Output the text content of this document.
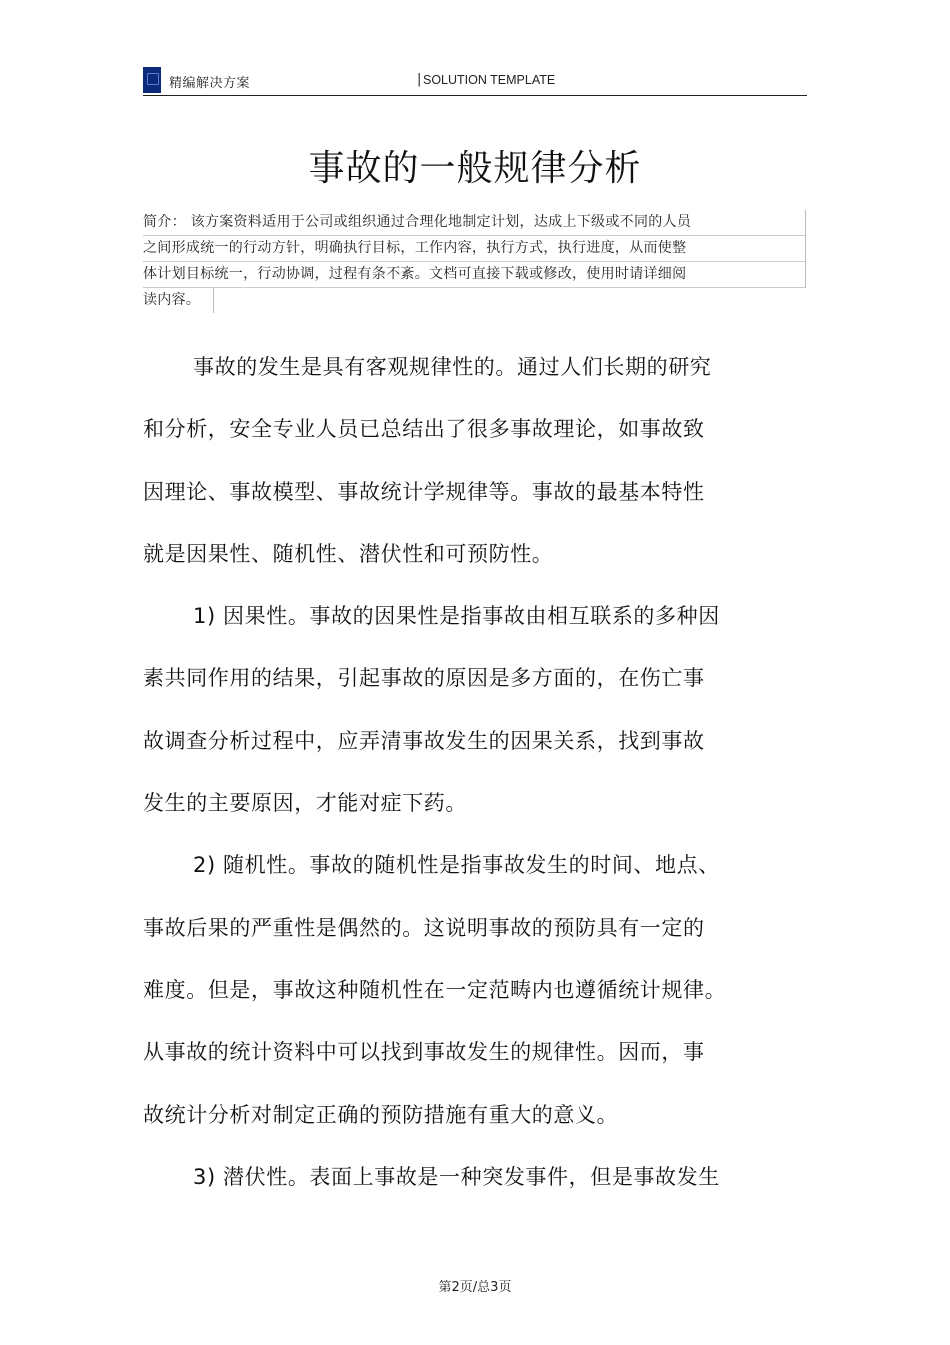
精编解决方案	| SOLUTION TEMPLATE
事故的一般规律分析
简介： 该方案资料适用于公司或组织通过合理化地制定计划，达成上下级或不同的人员
之间形成统一的行动方针，明确执行目标，工作内容，执行方式，执行进度，从而使整
体计划目标统一，行动协调，过程有条不紊。文档可直接下载或修改，使用时请详细阅
读内容。
事故的发生是具有客观规律性的。通过人们长期的研究
和分析，安全专业人员已总结出了很多事故理论，如事故致
因理论、事故模型、事故统计学规律等。事故的最基本特性
就是因果性、随机性、潜伏性和可预防性。
1) 因果性。事故的因果性是指事故由相互联系的多种因
素共同作用的结果，引起事故的原因是多方面的，在伤亡事
故调查分析过程中，应弄清事故发生的因果关系，找到事故
发生的主要原因，才能对症下药。
2) 随机性。事故的随机性是指事故发生的时间、地点、
事故后果的严重性是偶然的。这说明事故的预防具有一定的
难度。但是，事故这种随机性在一定范畴内也遵循统计规律。
从事故的统计资料中可以找到事故发生的规律性。因而，事
故统计分析对制定正确的预防措施有重大的意义。
3) 潜伏性。表面上事故是一种突发事件，但是事故发生
第2页/总3页
